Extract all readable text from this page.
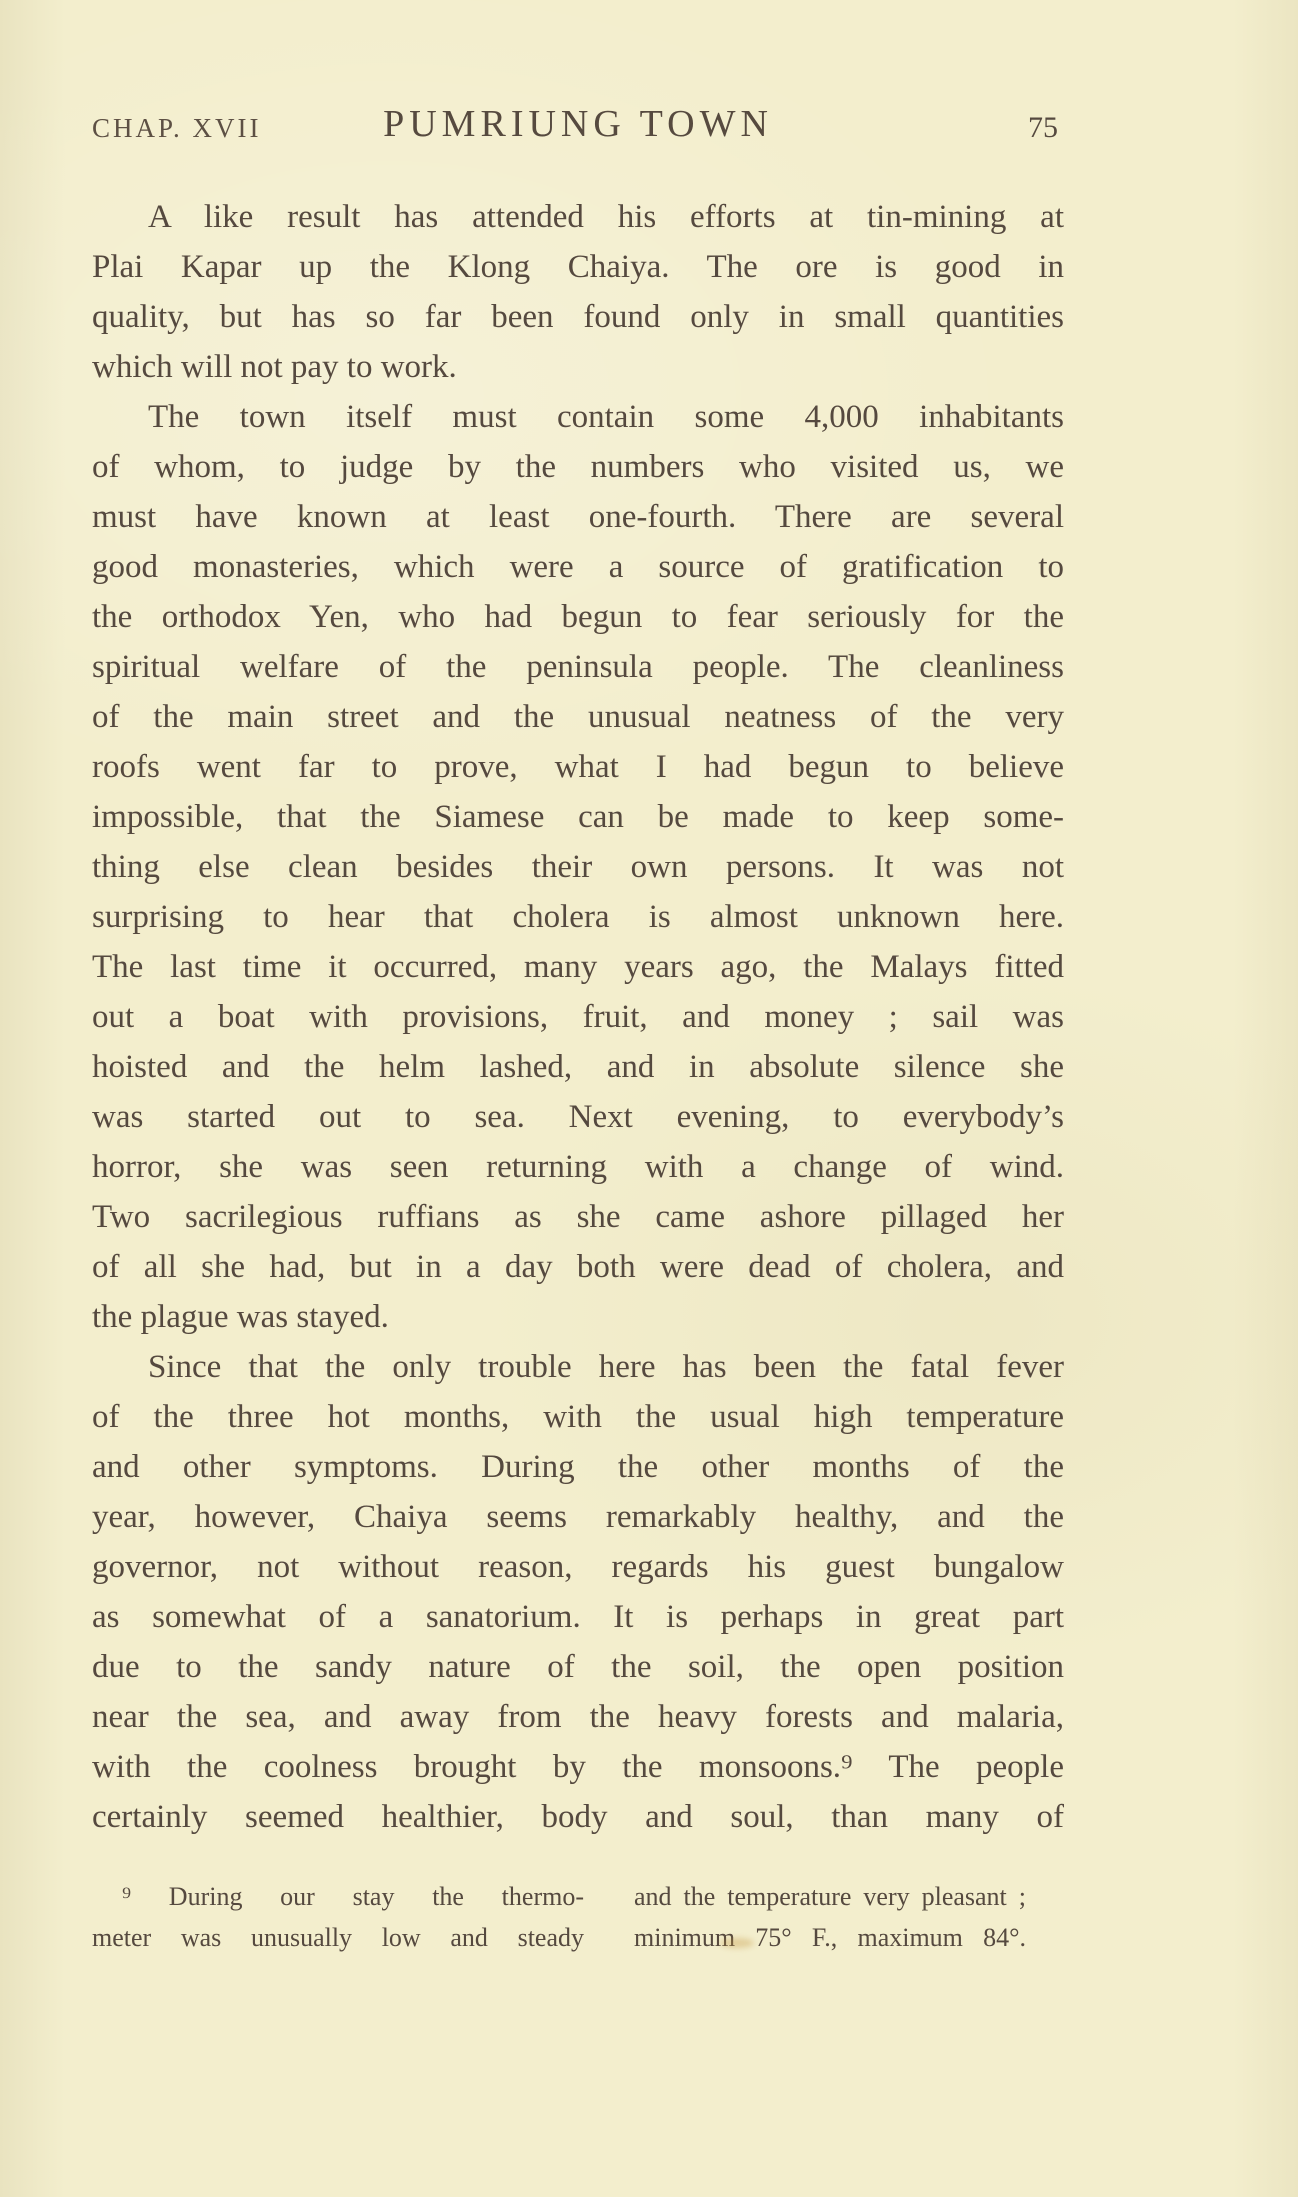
CHAP. XVII	PUMRIUNG TOWN	75
A like result has attended his efforts at tin-mining at
Plai Kapar up the Klong Chaiya. The ore is good in
quality, but has so far been found only in small quantities
which will not pay to work.
The town itself must contain some 4,000 inhabitants
of whom, to judge by the numbers who visited us, we
must have known at least one-fourth. There are several
good monasteries, which were a source of gratification to
the orthodox Yen, who had begun to fear seriously for the
spiritual welfare of the peninsula people. The cleanliness
of the main street and the unusual neatness of the very
roofs went far to prove, what I had begun to believe
impossible, that the Siamese can be made to keep some-
thing else clean besides their own persons. It was not
surprising to hear that cholera is almost unknown here.
The last time it occurred, many years ago, the Malays fitted
out a boat with provisions, fruit, and money ; sail was
hoisted and the helm lashed, and in absolute silence she
was started out to sea. Next evening, to everybody’s
horror, she was seen returning with a change of wind.
Two sacrilegious ruffians as she came ashore pillaged her
of all she had, but in a day both were dead of cholera, and
the plague was stayed.
Since that the only trouble here has been the fatal fever
of the three hot months, with the usual high temperature
and other symptoms. During the other months of the
year, however, Chaiya seems remarkably healthy, and the
governor, not without reason, regards his guest bungalow
as somewhat of a sanatorium. It is perhaps in great part
due to the sandy nature of the soil, the open position
near the sea, and away from the heavy forests and malaria,
with the coolness brought by the monsoons.⁹ The people
certainly seemed healthier, body and soul, than many of
⁹ During our stay the thermo-
meter was unusually low and steady
and the temperature very pleasant ;
minimum 75° F., maximum 84°.
